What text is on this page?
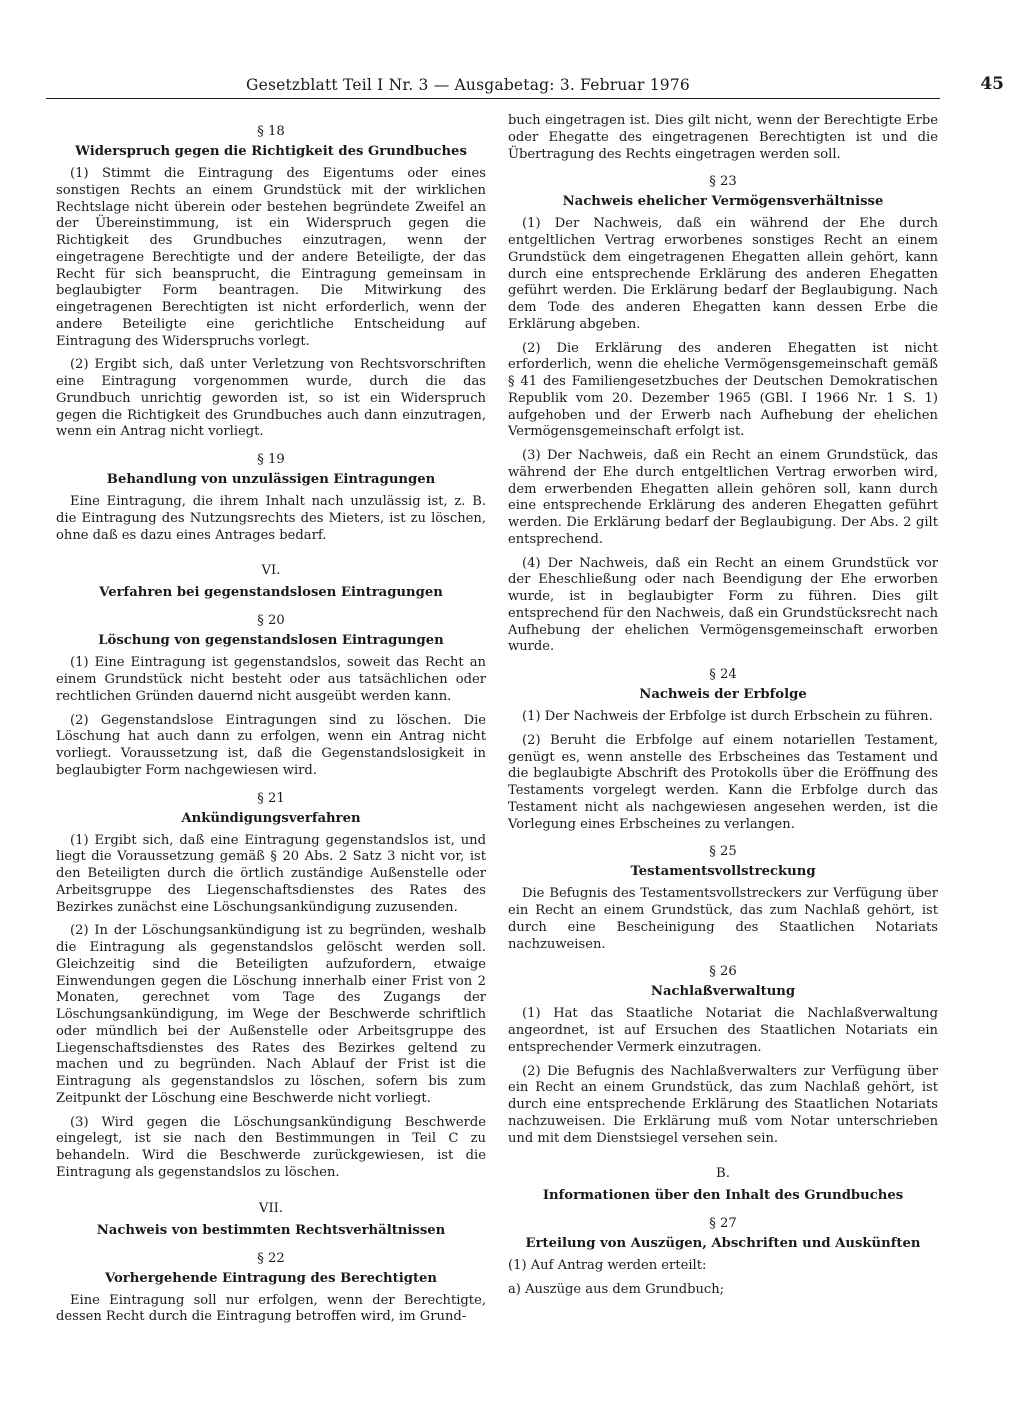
Gesetzblatt Teil I Nr. 3 — Ausgabetag: 3. Februar 1976	45
§ 18
Widerspruch gegen die Richtigkeit des Grundbuches

(1) Stimmt die Eintragung des Eigentums oder eines sonstigen Rechts an einem Grundstück mit der wirklichen Rechtslage nicht überein oder bestehen begründete Zweifel an der Übereinstimmung, ist ein Widerspruch gegen die Richtigkeit des Grundbuches einzutragen, wenn der eingetragene Berechtigte und der andere Beteiligte, der das Recht für sich beansprucht, die Eintragung gemeinsam in beglaubigter Form beantragen. Die Mitwirkung des eingetragenen Berechtigten ist nicht erforderlich, wenn der andere Beteiligte eine gerichtliche Entscheidung auf Eintragung des Widerspruchs vorlegt.

(2) Ergibt sich, daß unter Verletzung von Rechtsvorschriften eine Eintragung vorgenommen wurde, durch die das Grundbuch unrichtig geworden ist, so ist ein Widerspruch gegen die Richtigkeit des Grundbuches auch dann einzutragen, wenn ein Antrag nicht vorliegt.

§ 19
Behandlung von unzulässigen Eintragungen

Eine Eintragung, die ihrem Inhalt nach unzulässig ist, z. B. die Eintragung des Nutzungsrechts des Mieters, ist zu löschen, ohne daß es dazu eines Antrages bedarf.

VI.
Verfahren bei gegenstandslosen Eintragungen
§ 20
Löschung von gegenstandslosen Eintragungen

(1) Eine Eintragung ist gegenstandslos, soweit das Recht an einem Grundstück nicht besteht oder aus tatsächlichen oder rechtlichen Gründen dauernd nicht ausgeübt werden kann.

(2) Gegenstandslose Eintragungen sind zu löschen. Die Löschung hat auch dann zu erfolgen, wenn ein Antrag nicht vorliegt. Voraussetzung ist, daß die Gegenstandslosigkeit in beglaubigter Form nachgewiesen wird.

§ 21
Ankündigungsverfahren

(1) Ergibt sich, daß eine Eintragung gegenstandslos ist, und liegt die Voraussetzung gemäß § 20 Abs. 2 Satz 3 nicht vor, ist den Beteiligten durch die örtlich zuständige Außenstelle oder Arbeitsgruppe des Liegenschaftsdienstes des Rates des Bezirkes zunächst eine Löschungsankündigung zuzusenden.

(2) In der Löschungsankündigung ist zu begründen, weshalb die Eintragung als gegenstandslos gelöscht werden soll. Gleichzeitig sind die Beteiligten aufzufordern, etwaige Einwendungen gegen die Löschung innerhalb einer Frist von 2 Monaten, gerechnet vom Tage des Zugangs der Löschungsankündigung, im Wege der Beschwerde schriftlich oder mündlich bei der Außenstelle oder Arbeitsgruppe des Liegenschaftsdienstes des Rates des Bezirkes geltend zu machen und zu begründen. Nach Ablauf der Frist ist die Eintragung als gegenstandslos zu löschen, sofern bis zum Zeitpunkt der Löschung eine Beschwerde nicht vorliegt.

(3) Wird gegen die Löschungsankündigung Beschwerde eingelegt, ist sie nach den Bestimmungen in Teil C zu behandeln. Wird die Beschwerde zurückgewiesen, ist die Eintragung als gegenstandslos zu löschen.

VII.
Nachweis von bestimmten Rechtsverhältnissen
§ 22
Vorhergehende Eintragung des Berechtigten

Eine Eintragung soll nur erfolgen, wenn der Berechtigte, dessen Recht durch die Eintragung betroffen wird, im Grund-

buch eingetragen ist. Dies gilt nicht, wenn der Berechtigte Erbe oder Ehegatte des eingetragenen Berechtigten ist und die Übertragung des Rechts eingetragen werden soll.

§ 23
Nachweis ehelicher Vermögensverhältnisse

(1) Der Nachweis, daß ein während der Ehe durch entgeltlichen Vertrag erworbenes sonstiges Recht an einem Grundstück dem eingetragenen Ehegatten allein gehört, kann durch eine entsprechende Erklärung des anderen Ehegatten geführt werden. Die Erklärung bedarf der Beglaubigung. Nach dem Tode des anderen Ehegatten kann dessen Erbe die Erklärung abgeben.

(2) Die Erklärung des anderen Ehegatten ist nicht erforderlich, wenn die eheliche Vermögensgemeinschaft gemäß § 41 des Familiengesetzbuches der Deutschen Demokratischen Republik vom 20. Dezember 1965 (GBl. I 1966 Nr. 1 S. 1) aufgehoben und der Erwerb nach Aufhebung der ehelichen Vermögensgemeinschaft erfolgt ist.

(3) Der Nachweis, daß ein Recht an einem Grundstück, das während der Ehe durch entgeltlichen Vertrag erworben wird, dem erwerbenden Ehegatten allein gehören soll, kann durch eine entsprechende Erklärung des anderen Ehegatten geführt werden. Die Erklärung bedarf der Beglaubigung. Der Abs. 2 gilt entsprechend.

(4) Der Nachweis, daß ein Recht an einem Grundstück vor der Eheschließung oder nach Beendigung der Ehe erworben wurde, ist in beglaubigter Form zu führen. Dies gilt entsprechend für den Nachweis, daß ein Grundstücksrecht nach Aufhebung der ehelichen Vermögensgemeinschaft erworben wurde.

§ 24
Nachweis der Erbfolge

(1) Der Nachweis der Erbfolge ist durch Erbschein zu führen.

(2) Beruht die Erbfolge auf einem notariellen Testament, genügt es, wenn anstelle des Erbscheines das Testament und die beglaubigte Abschrift des Protokolls über die Eröffnung des Testaments vorgelegt werden. Kann die Erbfolge durch das Testament nicht als nachgewiesen angesehen werden, ist die Vorlegung eines Erbscheines zu verlangen.

§ 25
Testamentsvollstreckung

Die Befugnis des Testamentsvollstreckers zur Verfügung über ein Recht an einem Grundstück, das zum Nachlaß gehört, ist durch eine Bescheinigung des Staatlichen Notariats nachzuweisen.

§ 26
Nachlaßverwaltung

(1) Hat das Staatliche Notariat die Nachlaßverwaltung angeordnet, ist auf Ersuchen des Staatlichen Notariats ein entsprechender Vermerk einzutragen.

(2) Die Befugnis des Nachlaßverwalters zur Verfügung über ein Recht an einem Grundstück, das zum Nachlaß gehört, ist durch eine entsprechende Erklärung des Staatlichen Notariats nachzuweisen. Die Erklärung muß vom Notar unterschrieben und mit dem Dienstsiegel versehen sein.

B.
Informationen über den Inhalt des Grundbuches
§ 27
Erteilung von Auszügen, Abschriften und Auskünften

(1) Auf Antrag werden erteilt:

a) Auszüge aus dem Grundbuch;
